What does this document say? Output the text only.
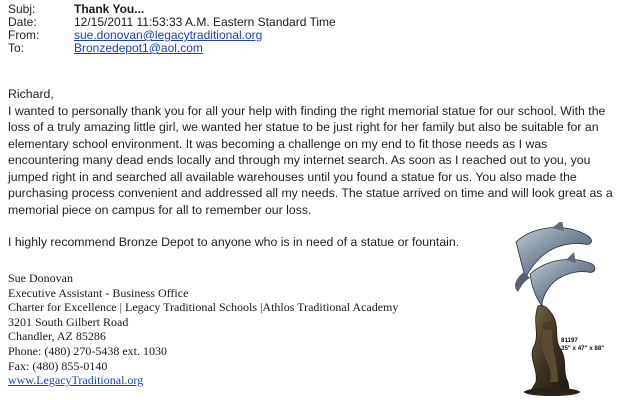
Subj:	Thank You...
Date:	12/15/2011 11:53:33 A.M. Eastern Standard Time
From:	sue.donovan@legacytraditional.org
To:	Bronzedepot1@aol.com

Richard,

I wanted to personally thank you for all your help with finding the right memorial statue for our school. With the loss of a truly amazing little girl, we wanted her statue to be just right for her family but also be suitable for an elementary school environment. It was becoming a challenge on my end to fit those needs as I was encountering many dead ends locally and through my internet search. As soon as I reached out to you, you jumped right in and searched all available warehouses until you found a statue for us. You also made the purchasing process convenient and addressed all my needs. The statue arrived on time and will look great as a memorial piece on campus for all to remember our loss.

I highly recommend Bronze Depot to anyone who is in need of a statue or fountain.

Sue Donovan
Executive Assistant - Business Office
Charter for Excellence | Legacy Traditional Schools |Athlos Traditional Academy
3201 South Gilbert Road
Chandler, AZ 85286
Phone: (480) 270-5438 ext. 1030
Fax: (480) 855-0140
www.LegacyTraditional.org
81197
35" x 47" x 88"
